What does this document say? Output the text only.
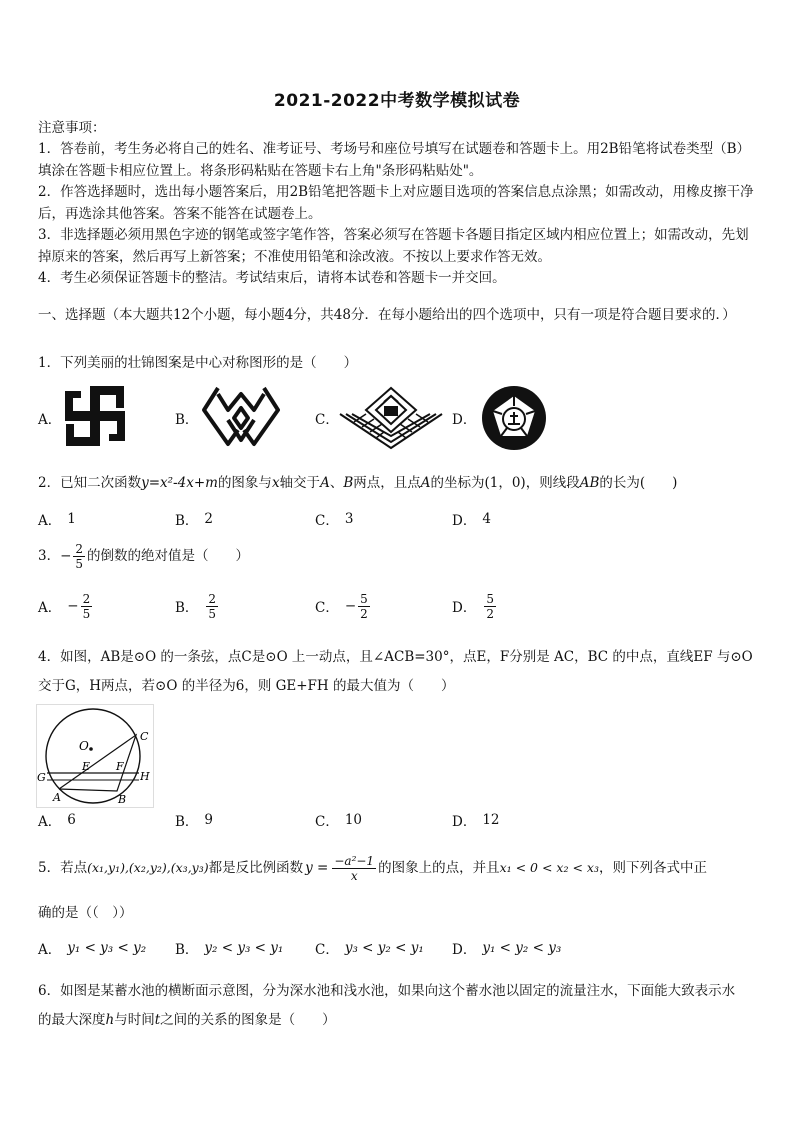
2021-2022中考数学模拟试卷
注意事项：
1．答卷前，考生务必将自己的姓名、准考证号、考场号和座位号填写在试题卷和答题卡上。用2B铅笔将试卷类型（B）填涂在答题卡相应位置上。将条形码粘贴在答题卡右上角"条形码粘贴处"。
2．作答选择题时，选出每小题答案后，用2B铅笔把答题卡上对应题目选项的答案信息点涂黑；如需改动，用橡皮擦干净后，再选涂其他答案。答案不能答在试题卷上。
3．非选择题必须用黑色字迹的钢笔或签字笔作答，答案必须写在答题卡各题目指定区域内相应位置上；如需改动，先划掉原来的答案，然后再写上新答案；不准使用铅笔和涂改液。不按以上要求作答无效。
4．考生必须保证答题卡的整洁。考试结束后，请将本试卷和答题卡一并交回。
一、选择题（本大题共12个小题，每小题4分，共48分．在每小题给出的四个选项中，只有一项是符合题目要求的．）
1．下列美丽的壮锦图案是中心对称图形的是（　　）
A．	B．	C．	D．
2．已知二次函数y=x²-4x+m的图象与x轴交于A、B两点，且点A的坐标为(1，0)，则线段AB的长为(　　)
A． 1	B． 2	C． 3	D． 4
3．− $\frac{2}{5}$ 的倒数的绝对值是（　　）
A． − $\frac{2}{5}$	B． $\frac{2}{5}$	C． − $\frac{5}{2}$	D． $\frac{5}{2}$
4．如图，AB是⊙O 的一条弦，点C是⊙O 上一动点，且∠ACB=30°，点E，F分别是 AC，BC 的中点，直线EF 与⊙O
交于G，H两点，若⊙O 的半径为6，则 GE+FH 的最大值为（　　）
O
C
E F
G	H
A	B
A． 6	B． 9	C． 10	D． 12
5．若点 (x₁,y₁),(x₂,y₂),(x₃,y₃) 都是反比例函数 $y = \frac{\text{−a²−1}}{x}$ 的图象上的点，并且 x₁ < 0 < x₂ < x₃ ，则下列各式中正
确的是（（　））
A． y₁ < y₃ < y₂ B． y₂ < y₃ < y₁ C． y₃ < y₂ < y₁ D． y₁ < y₂ < y₃
6．如图是某蓄水池的横断面示意图，分为深水池和浅水池，如果向这个蓄水池以固定的流量注水，下面能大致表示水
的最大深度h与时间t之间的关系的图象是（　　）
